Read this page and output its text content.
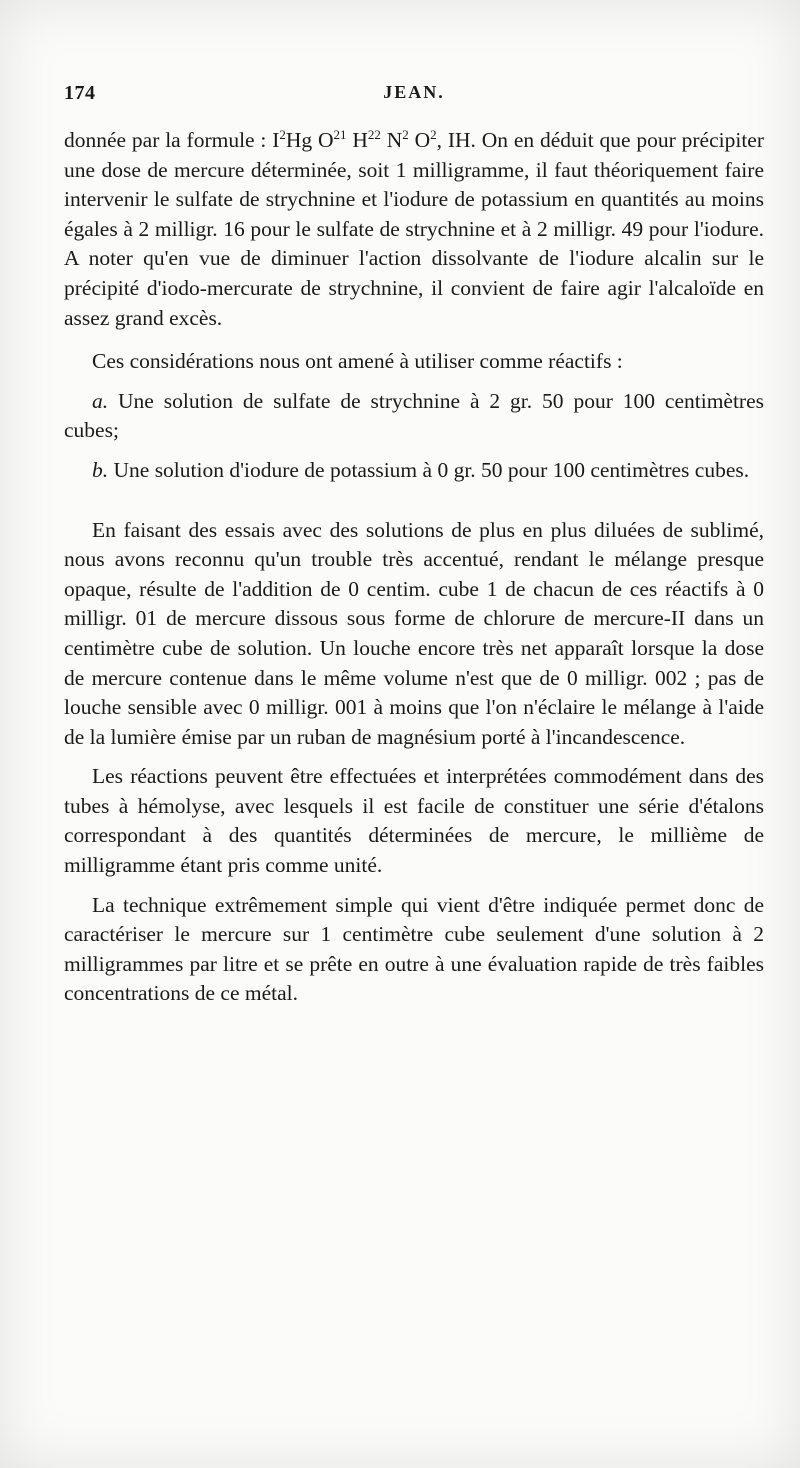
174	JEAN.

donnée par la formule : $I^2Hg$ $O^{21}$ $H^{22}$ $N^2$ $O^2$, IH. On en déduit que pour précipiter une dose de mercure déterminée, soit 1 milligramme, il faut théoriquement faire intervenir le sulfate de strychnine et l'iodure de potassium en quantités au moins égales à 2 milligr. 16 pour le sulfate de strychnine et à 2 milligr. 49 pour l'iodure. A noter qu'en vue de diminuer l'action dissolvante de l'iodure alcalin sur le précipité d'iodo-mercurate de strychnine, il convient de faire agir l'alcaloïde en assez grand excès.

Ces considérations nous ont amené à utiliser comme réactifs :

a. Une solution de sulfate de strychnine à 2 gr. 50 pour 100 centimètres cubes;

b. Une solution d'iodure de potassium à 0 gr. 50 pour 100 centimètres cubes.

En faisant des essais avec des solutions de plus en plus diluées de sublimé, nous avons reconnu qu'un trouble très accentué, rendant le mélange presque opaque, résulte de l'addition de 0 centim. cube 1 de chacun de ces réactifs à 0 milligr. 01 de mercure dissous sous forme de chlorure de mercure-II dans un centimètre cube de solution. Un louche encore très net apparaît lorsque la dose de mercure contenue dans le même volume n'est que de 0 milligr. 002 ; pas de louche sensible avec 0 milligr. 001 à moins que l'on n'éclaire le mélange à l'aide de la lumière émise par un ruban de magnésium porté à l'incandescence.

Les réactions peuvent être effectuées et interprétées commodément dans des tubes à hémolyse, avec lesquels il est facile de constituer une série d'étalons correspondant à des quantités déterminées de mercure, le millième de milligramme étant pris comme unité.

La technique extrêmement simple qui vient d'être indiquée permet donc de caractériser le mercure sur 1 centimètre cube seulement d'une solution à 2 milligrammes par litre et se prête en outre à une évaluation rapide de très faibles concentrations de ce métal.
